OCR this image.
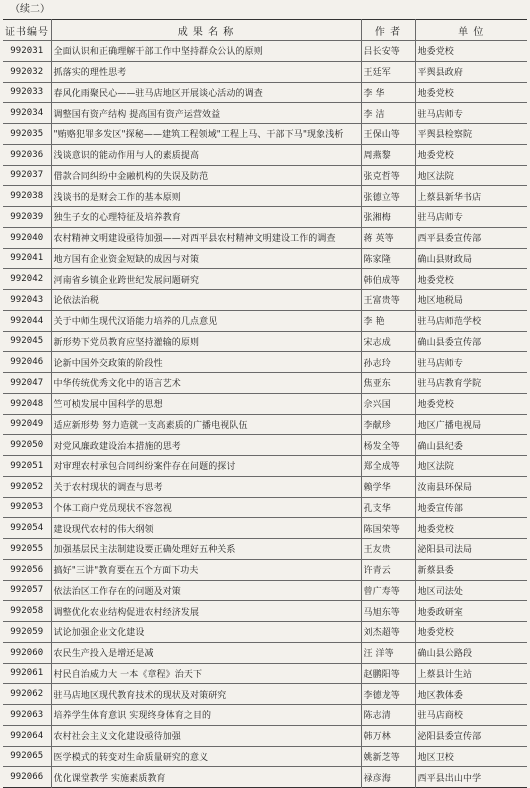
（续二）
证书编号	成 果 名 称	作 者	单 位
992031	全面认识和正确理解干部工作中坚持群众公认的原则	吕长安等	地委党校
992032	抓落实的理性思考	王廷军	平舆县政府
992033	春风化雨聚民心——驻马店地区开展谈心活动的调查	李 华	地委党校
992034	调整国有资产结构 提高国有资产运营效益	李 洁	驻马店师专
992035	"贿赂犯罪多发区"探秘——建筑工程领域"工程上马、干部下马"现象浅析	王保山等	平舆县检察院
992036	浅谈意识的能动作用与人的素质提高	周燕黎	地委党校
992037	借款合同纠纷中金融机构的失误及防范	张克哲等	地区法院
992038	浅谈书的是财会工作的基本原则	张德立等	上蔡县新华书店
992039	独生子女的心理特征及培养教育	张湘梅	驻马店师专
992040	农村精神文明建设亟待加强——对西平县农村精神文明建设工作的调查	蒋 英等	西平县委宣传部
992041	地方国有企业资金短缺的成因与对策	陈家隆	确山县财政局
992042	河南省乡镇企业跨世纪发展问题研究	韩伯成等	地委党校
992043	论依法治税	王富贵等	地区地税局
992044	关于中师生现代汉语能力培养的几点意见	李 艳	驻马店师范学校
992045	新形势下党员教育应坚持灌输的原则	宋志成	确山县委宣传部
992046	论新中国外交政策的阶段性	孙志玲	驻马店师专
992047	中华传统优秀文化中的语言艺术	焦亚东	驻马店教育学院
992048	竺可桢发展中国科学的思想	佘兴国	地委党校
992049	适应新形势 努力造就一支高素质的广播电视队伍	李献珍	地区广播电视局
992050	对党风廉政建设治本措施的思考	杨发全等	确山县纪委
992051	对审理农村承包合同纠纷案件存在问题的探讨	郑全成等	地区法院
992052	关于农村现状的调查与思考	赖学华	汝南县环保局
992053	个体工商户党员现状不容忽视	孔支华	地委宣传部
992054	建设现代农村的伟大纲领	陈国荣等	地委党校
992055	加强基层民主法制建设要正确处理好五种关系	王友贵	泌阳县司法局
992056	搞好"三讲"教育要在五个方面下功夫	许青云	新蔡县委
992057	依法治区工作存在的问题及对策	曾广寿等	地区司法处
992058	调整优化农业结构促进农村经济发展	马旭东等	地委政研室
992059	试论加强企业文化建设	刘杰超等	地委党校
992060	农民生产投入是增还是减	汪 洋等	确山县公路段
992061	村民自治威力大 一本《章程》治天下	赵鹏阳等	上蔡县计生站
992062	驻马店地区现代教育技术的现状及对策研究	李德龙等	地区教体委
992063	培养学生体育意识 实现终身体育之目的	陈志清	驻马店商校
992064	农村社会主义文化建设亟待加强	韩万林	泌阳县委宣传部
992065	医学模式的转变对生命质量研究的意义	姚新芝等	地区卫校
992066	优化课堂教学 实施素质教育	禄彦海	西平县出山中学
